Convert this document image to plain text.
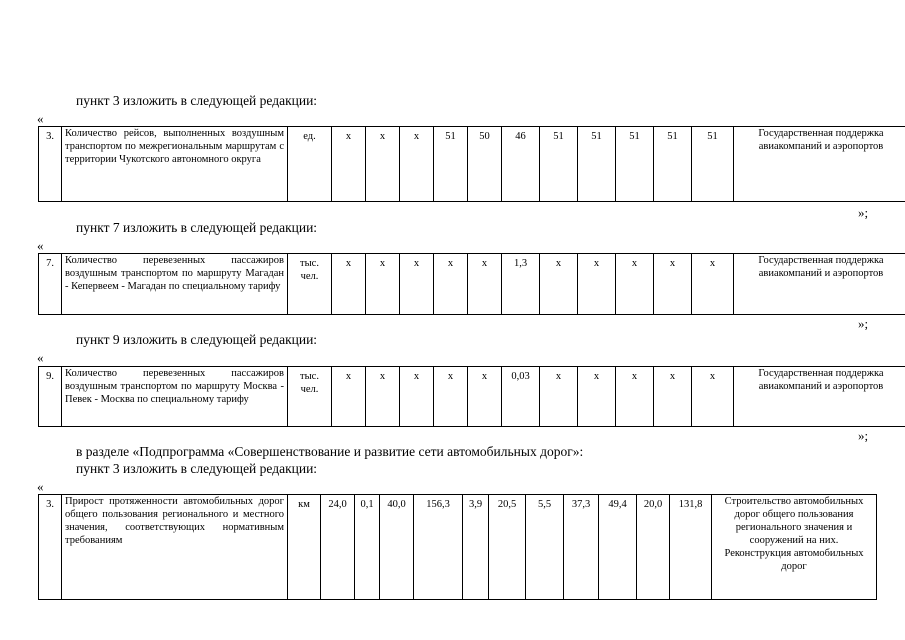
пункт 3 изложить в следующей редакции:
«
3.	Количество рейсов, выполненных воздушным транспортом по межрегиональным маршрутам с территории Чукотского автономного округа	ед.	х	х	х	51	50	46	51	51	51	51	51	Государственная поддержка авиакомпаний и аэропортов
»;
пункт 7 изложить в следующей редакции:
«
7.	Количество перевезенных пассажиров воздушным транспортом по маршруту Магадан - Кепервеем - Магадан по специальному тарифу	тыс. чел.	х	х	х	х	х	1,3	х	х	х	х	х	Государственная поддержка авиакомпаний и аэропортов
»;
пункт 9 изложить в следующей редакции:
«
9.	Количество перевезенных пассажиров воздушным транспортом по маршруту Москва - Певек - Москва по специальному тарифу	тыс. чел.	х	х	х	х	х	0,03	х	х	х	х	х	Государственная поддержка авиакомпаний и аэропортов
»;
в разделе «Подпрограмма «Совершенствование и развитие сети автомобильных дорог»:
пункт 3 изложить в следующей редакции:
«
3.	Прирост протяженности автомобильных дорог общего пользования регионального и местного значения, соответствующих нормативным требованиям	км	24,0	0,1	40,0	156,3	3,9	20,5	5,5	37,3	49,4	20,0	131,8	Строительство автомобильных дорог общего пользования регионального значения и сооружений на них. Реконструкция автомобильных дорог
